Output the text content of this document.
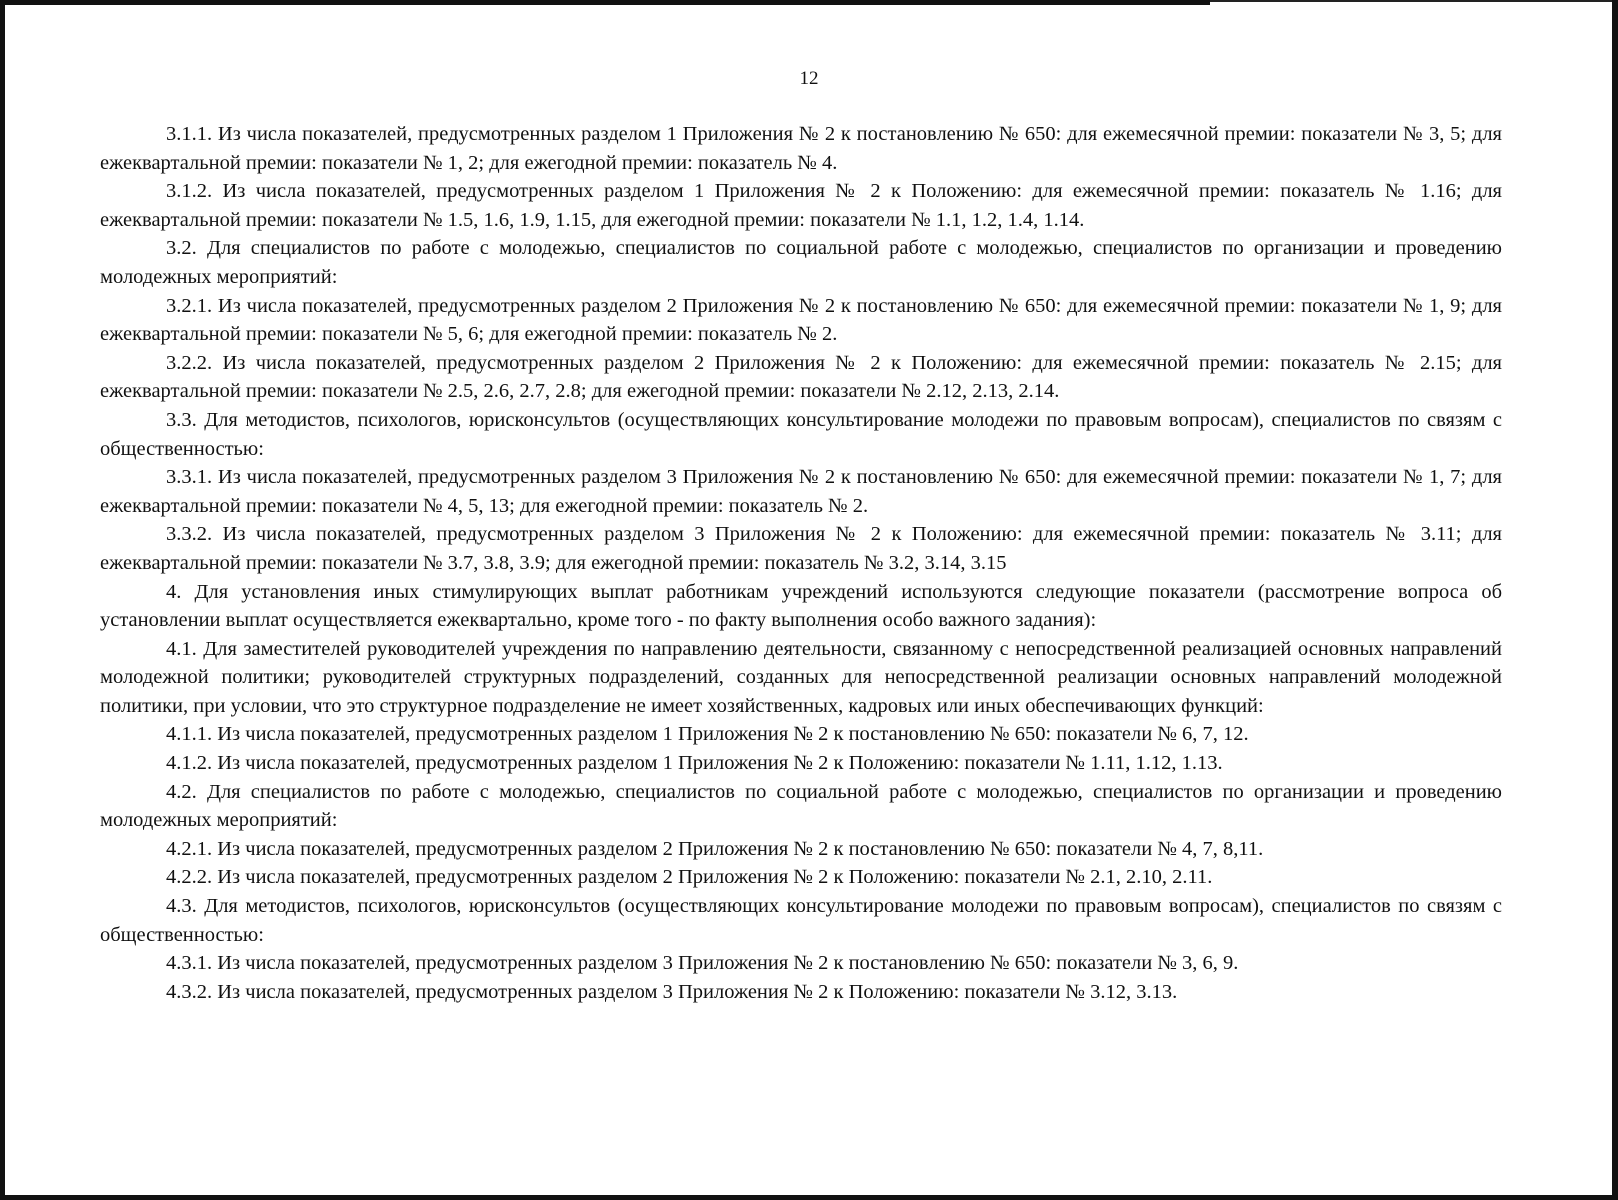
12

3.1.1. Из числа показателей, предусмотренных разделом 1 Приложения № 2 к постановлению № 650: для ежемесячной премии: показатели № 3, 5; для ежеквартальной премии: показатели № 1, 2; для ежегодной премии: показатель № 4.

3.1.2. Из числа показателей, предусмотренных разделом 1 Приложения № 2 к Положению: для ежемесячной премии: показатель № 1.16; для ежеквартальной премии: показатели № 1.5, 1.6, 1.9, 1.15, для ежегодной премии: показатели № 1.1, 1.2, 1.4, 1.14.

3.2. Для специалистов по работе с молодежью, специалистов по социальной работе с молодежью, специалистов по организации и проведению молодежных мероприятий:

3.2.1. Из числа показателей, предусмотренных разделом 2 Приложения № 2 к постановлению № 650: для ежемесячной премии: показатели № 1, 9; для ежеквартальной премии: показатели № 5, 6; для ежегодной премии: показатель № 2.

3.2.2. Из числа показателей, предусмотренных разделом 2 Приложения № 2 к Положению: для ежемесячной премии: показатель № 2.15; для ежеквартальной премии: показатели № 2.5, 2.6, 2.7, 2.8; для ежегодной премии: показатели № 2.12, 2.13, 2.14.

3.3. Для методистов, психологов, юрисконсультов (осуществляющих консультирование молодежи по правовым вопросам), специалистов по связям с общественностью:

3.3.1. Из числа показателей, предусмотренных разделом 3 Приложения № 2 к постановлению № 650: для ежемесячной премии: показатели № 1, 7; для ежеквартальной премии: показатели № 4, 5, 13; для ежегодной премии: показатель № 2.

3.3.2. Из числа показателей, предусмотренных разделом 3 Приложения № 2 к Положению: для ежемесячной премии: показатель № 3.11; для ежеквартальной премии: показатели № 3.7, 3.8, 3.9; для ежегодной премии: показатель № 3.2, 3.14, 3.15

4. Для установления иных стимулирующих выплат работникам учреждений используются следующие показатели (рассмотрение вопроса об установлении выплат осуществляется ежеквартально, кроме того - по факту выполнения особо важного задания):

4.1. Для заместителей руководителей учреждения по направлению деятельности, связанному с непосредственной реализацией основных направлений молодежной политики; руководителей структурных подразделений, созданных для непосредственной реализации основных направлений молодежной политики, при условии, что это структурное подразделение не имеет хозяйственных, кадровых или иных обеспечивающих функций:

4.1.1. Из числа показателей, предусмотренных разделом 1 Приложения № 2 к постановлению № 650: показатели № 6, 7, 12.

4.1.2. Из числа показателей, предусмотренных разделом 1 Приложения № 2 к Положению: показатели № 1.11, 1.12, 1.13.

4.2. Для специалистов по работе с молодежью, специалистов по социальной работе с молодежью, специалистов по организации и проведению молодежных мероприятий:

4.2.1. Из числа показателей, предусмотренных разделом 2 Приложения № 2 к постановлению № 650: показатели № 4, 7, 8,11.

4.2.2. Из числа показателей, предусмотренных разделом 2 Приложения № 2 к Положению: показатели № 2.1, 2.10, 2.11.

4.3. Для методистов, психологов, юрисконсультов (осуществляющих консультирование молодежи по правовым вопросам), специалистов по связям с общественностью:

4.3.1. Из числа показателей, предусмотренных разделом 3 Приложения № 2 к постановлению № 650: показатели № 3, 6, 9.

4.3.2. Из числа показателей, предусмотренных разделом 3 Приложения № 2 к Положению: показатели № 3.12, 3.13.
